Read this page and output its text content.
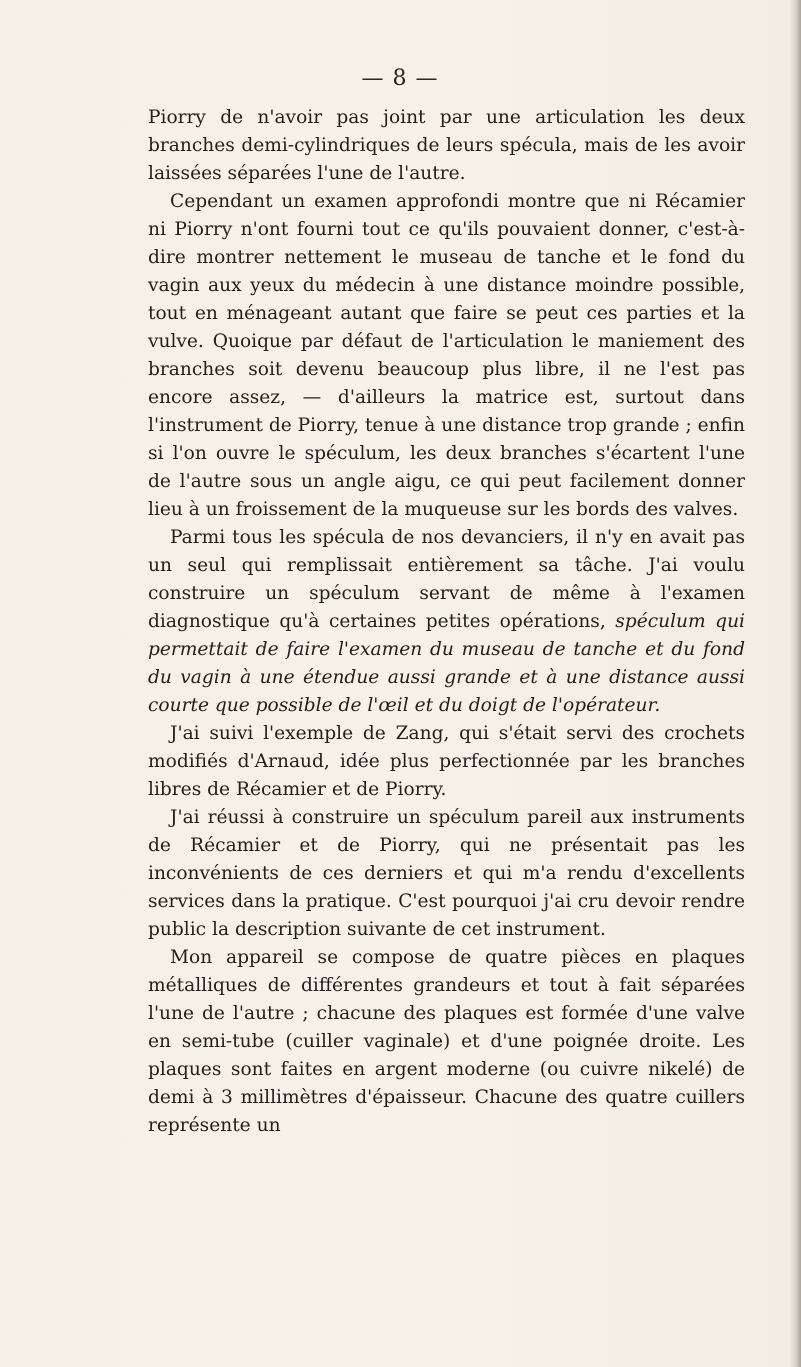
— 8 —

Piorry de n'avoir pas joint par une articulation les deux branches demi-cylindriques de leurs spécula, mais de les avoir laissées séparées l'une de l'autre.

Cependant un examen approfondi montre que ni Récamier ni Piorry n'ont fourni tout ce qu'ils pouvaient donner, c'est-à-dire montrer nettement le museau de tanche et le fond du vagin aux yeux du médecin à une distance moindre possible, tout en ménageant autant que faire se peut ces parties et la vulve. Quoique par défaut de l'articulation le maniement des branches soit devenu beaucoup plus libre, il ne l'est pas encore assez, — d'ailleurs la matrice est, surtout dans l'instrument de Piorry, tenue à une distance trop grande ; enfin si l'on ouvre le spéculum, les deux branches s'écartent l'une de l'autre sous un angle aigu, ce qui peut facilement donner lieu à un froissement de la muqueuse sur les bords des valves.

Parmi tous les spécula de nos devanciers, il n'y en avait pas un seul qui remplissait entièrement sa tâche. J'ai voulu construire un spéculum servant de même à l'examen diagnostique qu'à certaines petites opérations, spéculum qui permettait de faire l'examen du museau de tanche et du fond du vagin à une étendue aussi grande et à une distance aussi courte que possible de l'œil et du doigt de l'opérateur.

J'ai suivi l'exemple de Zang, qui s'était servi des crochets modifiés d'Arnaud, idée plus perfectionnée par les branches libres de Récamier et de Piorry.

J'ai réussi à construire un spéculum pareil aux instruments de Récamier et de Piorry, qui ne présentait pas les inconvénients de ces derniers et qui m'a rendu d'excellents services dans la pratique. C'est pourquoi j'ai cru devoir rendre public la description suivante de cet instrument.

Mon appareil se compose de quatre pièces en plaques métalliques de différentes grandeurs et tout à fait séparées l'une de l'autre ; chacune des plaques est formée d'une valve en semi-tube (cuiller vaginale) et d'une poignée droite. Les plaques sont faites en argent moderne (ou cuivre nikelé) de demi à 3 millimètres d'épaisseur. Chacune des quatre cuillers représente un
